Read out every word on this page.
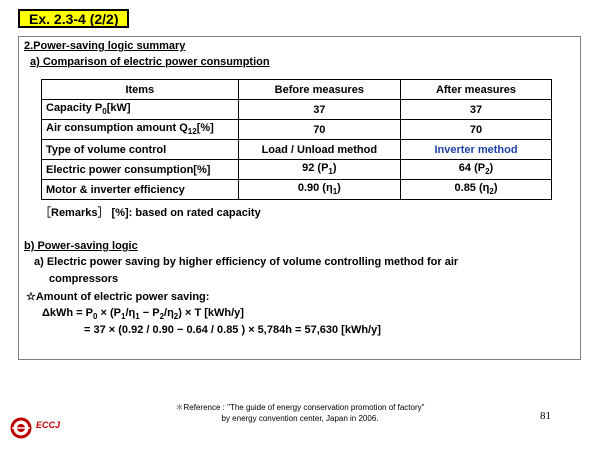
Ex. 2.3-4 (2/2)
2.Power-saving logic summary
a) Comparison of electric power consumption
Items	Before measures	After measures
Capacity $P_0[kW]$	37	37
Air consumption amount $Q_{12}[\%]$	70	70
Type of volume control	Load / Unload method	Inverter method
Electric power consumption[%]	92 $(P_1)$	64 $(P_2)$
Motor & inverter efficiency	0.90 $(\eta_1)$	0.85 $(\eta_2)$
［Remarks］ [%]: based on rated capacity
b) Power-saving logic
a) Electric power saving by higher efficiency of volume controlling method for air
compressors
☆Amount of electric power saving:
$\Delta kWh = P_0 \times (P_1/\eta_1 - P_2/\eta_2) \times T$ [kWh/y]
= 37 × (0.92 / 0.90 − 0.64 / 0.85 ) × 5,784h = 57,630 [kWh/y]
＊Reference : "The guide of energy conservation promotion of factory"
by energy convention center, Japan in 2006.	81
ECCJ
